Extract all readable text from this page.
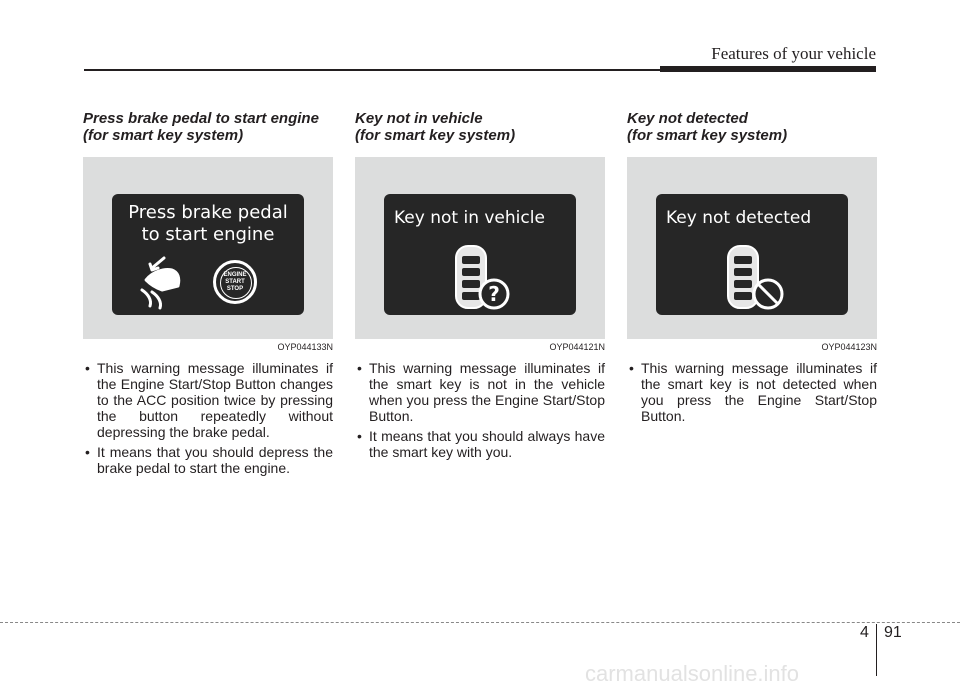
Features of your vehicle
Press brake pedal to start engine
(for smart key system)
Press brake pedal
to start engine
ENGINE
START
STOP
OYP044133N
• This warning message illuminates if the Engine Start/Stop Button changes to the ACC position twice by pressing the button repeatedly without depressing the brake pedal.
• It means that you should depress the brake pedal to start the engine.
Key not in vehicle
(for smart key system)
Key not in vehicle
?
OYP044121N
• This warning message illuminates if the smart key is not in the vehicle when you press the Engine Start/Stop Button.
• It means that you should always have the smart key with you.
Key not detected
(for smart key system)
Key not detected
OYP044123N
• This warning message illuminates if the smart key is not detected when you press the Engine Start/Stop Button.
4 91
carmanualsonline.info
